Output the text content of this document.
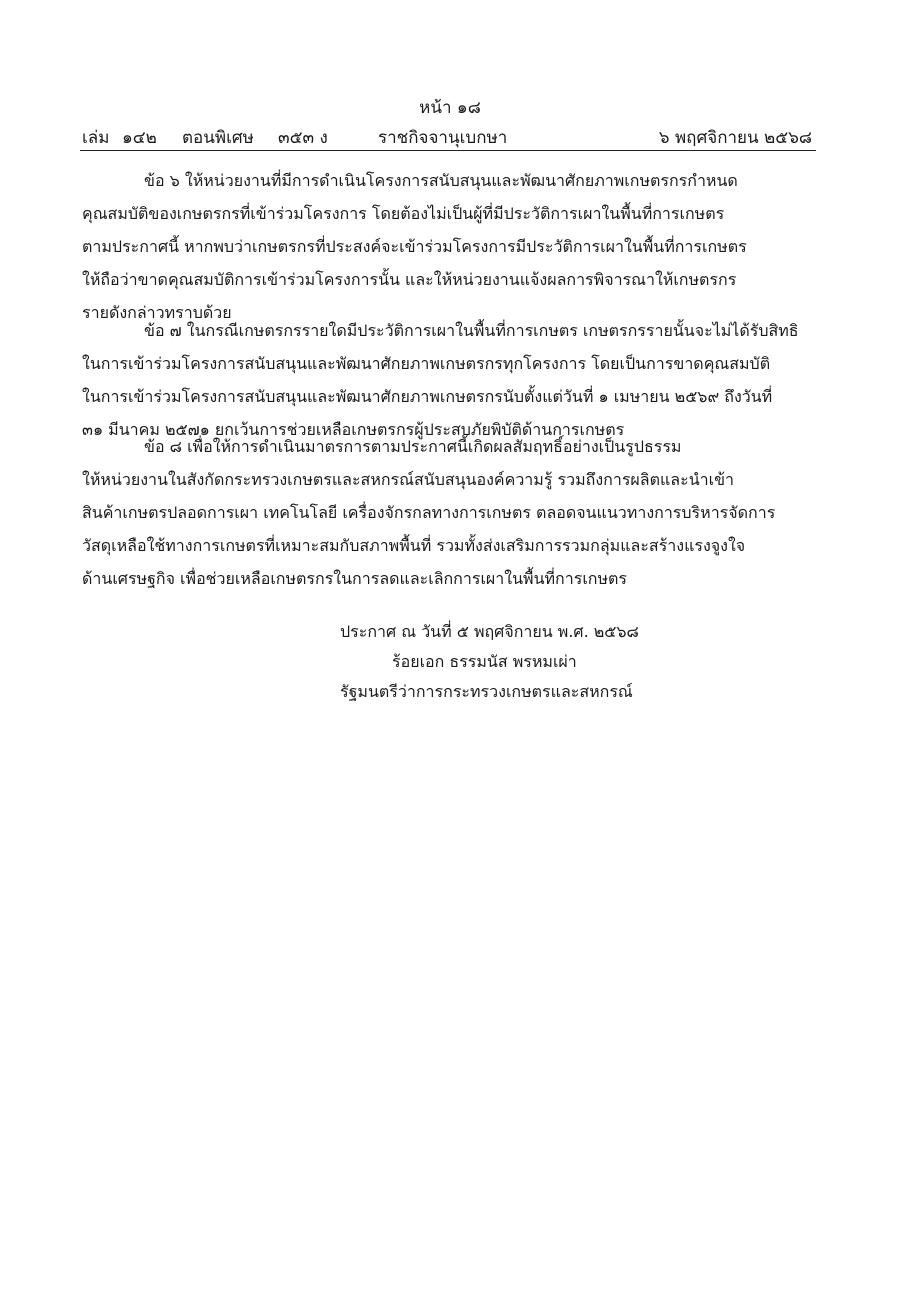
หน้า ๑๘
เล่ม ๑๔๒ ตอนพิเศษ ๓๕๓ ง	ราชกิจจานุเบกษา	๖ พฤศจิกายน ๒๕๖๘
ข้อ ๖ ให้หน่วยงานที่มีการดำเนินโครงการสนับสนุนและพัฒนาศักยภาพเกษตรกรกำหนด
คุณสมบัติของเกษตรกรที่เข้าร่วมโครงการ โดยต้องไม่เป็นผู้ที่มีประวัติการเผาในพื้นที่การเกษตร
ตามประกาศนี้ หากพบว่าเกษตรกรที่ประสงค์จะเข้าร่วมโครงการมีประวัติการเผาในพื้นที่การเกษตร
ให้ถือว่าขาดคุณสมบัติการเข้าร่วมโครงการนั้น และให้หน่วยงานแจ้งผลการพิจารณาให้เกษตรกร
รายดังกล่าวทราบด้วย
ข้อ ๗ ในกรณีเกษตรกรรายใดมีประวัติการเผาในพื้นที่การเกษตร เกษตรกรรายนั้นจะไม่ได้รับสิทธิ
ในการเข้าร่วมโครงการสนับสนุนและพัฒนาศักยภาพเกษตรกรทุกโครงการ โดยเป็นการขาดคุณสมบัติ
ในการเข้าร่วมโครงการสนับสนุนและพัฒนาศักยภาพเกษตรกรนับตั้งแต่วันที่ ๑ เมษายน ๒๕๖๙ ถึงวันที่
๓๑ มีนาคม ๒๕๗๑ ยกเว้นการช่วยเหลือเกษตรกรผู้ประสบภัยพิบัติด้านการเกษตร
ข้อ ๘ เพื่อให้การดำเนินมาตรการตามประกาศนี้เกิดผลสัมฤทธิ์อย่างเป็นรูปธรรม
ให้หน่วยงานในสังกัดกระทรวงเกษตรและสหกรณ์สนับสนุนองค์ความรู้ รวมถึงการผลิตและนำเข้า
สินค้าเกษตรปลอดการเผา เทคโนโลยี เครื่องจักรกลทางการเกษตร ตลอดจนแนวทางการบริหารจัดการ
วัสดุเหลือใช้ทางการเกษตรที่เหมาะสมกับสภาพพื้นที่ รวมทั้งส่งเสริมการรวมกลุ่มและสร้างแรงจูงใจ
ด้านเศรษฐกิจ เพื่อช่วยเหลือเกษตรกรในการลดและเลิกการเผาในพื้นที่การเกษตร
ประกาศ ณ วันที่ ๕ พฤศจิกายน พ.ศ. ๒๕๖๘
ร้อยเอก ธรรมนัส พรหมเผ่า
รัฐมนตรีว่าการกระทรวงเกษตรและสหกรณ์
